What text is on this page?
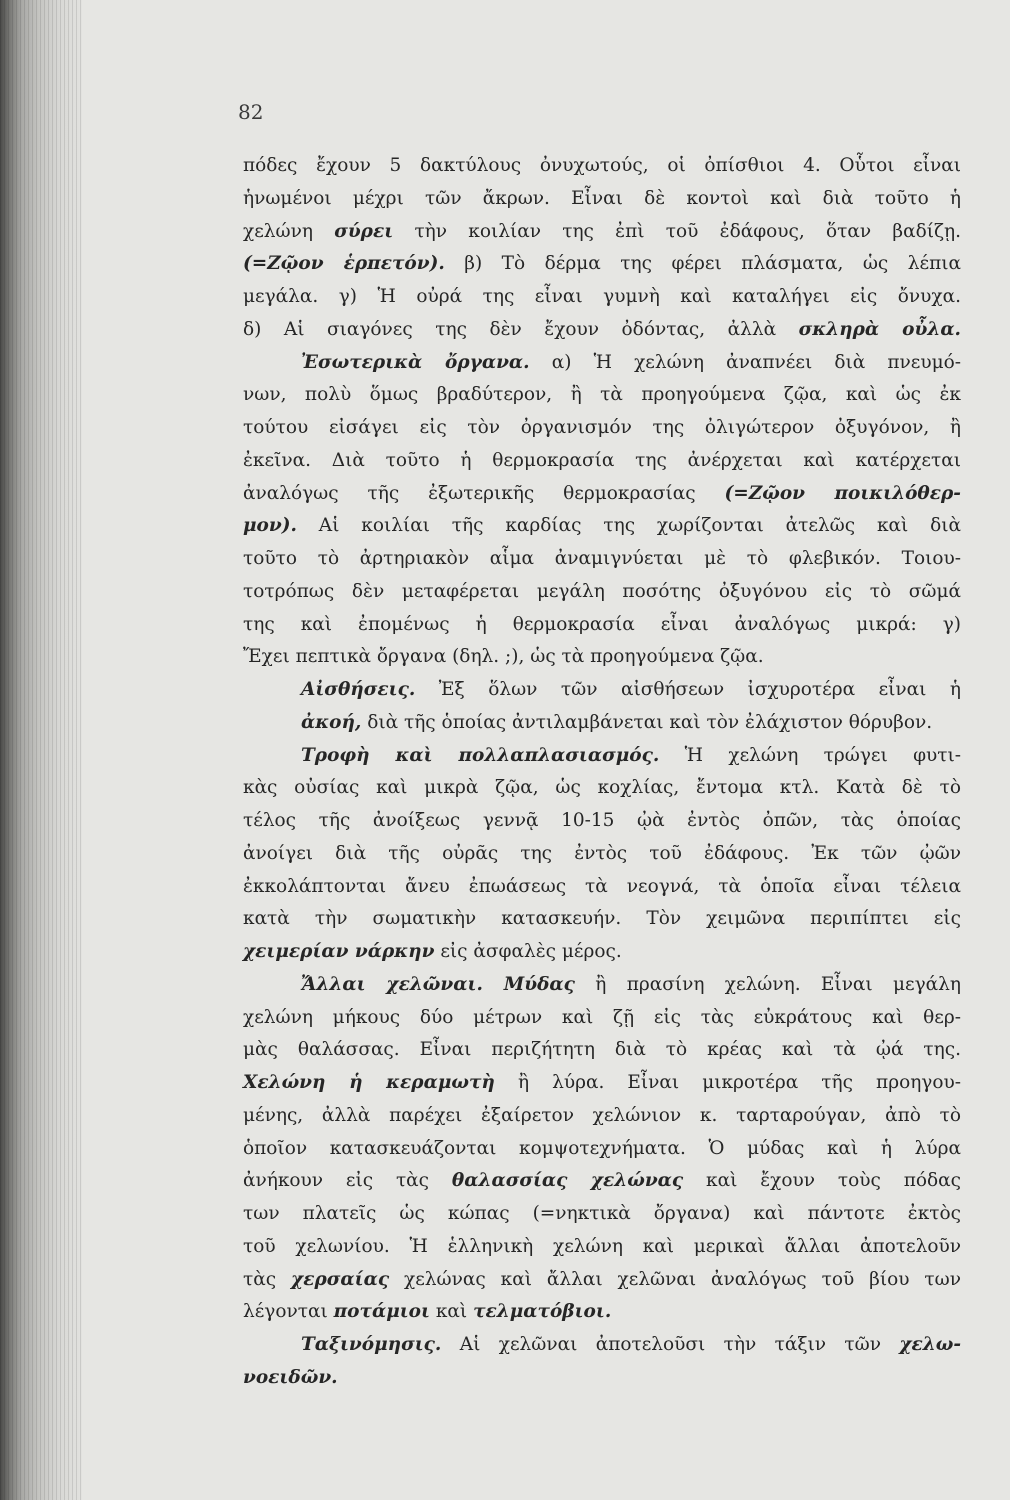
82
πόδες ἔχουν 5 δακτύλους ὀνυχωτούς, οἱ ὀπίσθιοι 4. Οὗτοι εἶναι
ἡνωμένοι μέχρι τῶν ἄκρων. Εἶναι δὲ κοντοὶ καὶ διὰ τοῦτο ἡ
χελώνη σύρει τὴν κοιλίαν της ἐπὶ τοῦ ἐδάφους, ὅταν βαδίζῃ.
(=Ζῷον ἑρπετόν). β) Τὸ δέρμα της φέρει πλάσματα, ὡς λέπια
μεγάλα. γ) Ἡ οὐρά της εἶναι γυμνὴ καὶ καταλήγει εἰς ὄνυχα.
δ) Αἱ σιαγόνες της δὲν ἔχουν ὀδόντας, ἀλλὰ σκληρὰ οὖλα.
Ἐσωτερικὰ ὄργανα. α) Ἡ χελώνη ἀναπνέει διὰ πνευμό-
νων, πολὺ ὅμως βραδύτερον, ἢ τὰ προηγούμενα ζῷα, καὶ ὡς ἐκ
τούτου εἰσάγει εἰς τὸν ὀργανισμόν της ὀλιγώτερον ὀξυγόνον, ἢ
ἐκεῖνα. Διὰ τοῦτο ἡ θερμοκρασία της ἀνέρχεται καὶ κατέρχεται
ἀναλόγως τῆς ἐξωτερικῆς θερμοκρασίας (=Ζῷον ποικιλόθερ-
μον). Αἱ κοιλίαι τῆς καρδίας της χωρίζονται ἀτελῶς καὶ διὰ
τοῦτο τὸ ἀρτηριακὸν αἷμα ἀναμιγνύεται μὲ τὸ φλεβικόν. Τοιου-
τοτρόπως δὲν μεταφέρεται μεγάλη ποσότης ὀξυγόνου εἰς τὸ σῶμά
της καὶ ἐπομένως ἡ θερμοκρασία εἶναι ἀναλόγως μικρά: γ)
Ἔχει πεπτικὰ ὄργανα (δηλ. ;), ὡς τὰ προηγούμενα ζῷα.
Αἰσθήσεις. Ἐξ ὅλων τῶν αἰσθήσεων ἰσχυροτέρα εἶναι ἡ
ἀκοή, διὰ τῆς ὁποίας ἀντιλαμβάνεται καὶ τὸν ἐλάχιστον θόρυβον.
Τροφὴ καὶ πολλαπλασιασμός. Ἡ χελώνη τρώγει φυτι-
κὰς οὐσίας καὶ μικρὰ ζῷα, ὡς κοχλίας, ἔντομα κτλ. Κατὰ δὲ τὸ
τέλος τῆς ἀνοίξεως γεννᾷ 10-15 ᾠὰ ἐντὸς ὀπῶν, τὰς ὁποίας
ἀνοίγει διὰ τῆς οὐρᾶς της ἐντὸς τοῦ ἐδάφους. Ἐκ τῶν ᾠῶν
ἐκκολάπτονται ἄνευ ἐπωάσεως τὰ νεογνά, τὰ ὁποῖα εἶναι τέλεια
κατὰ τὴν σωματικὴν κατασκευήν. Τὸν χειμῶνα περιπίπτει εἰς
χειμερίαν νάρκην εἰς ἀσφαλὲς μέρος.
Ἄλλαι χελῶναι. Μύδας ἢ πρασίνη χελώνη. Εἶναι μεγάλη
χελώνη μήκους δύο μέτρων καὶ ζῇ εἰς τὰς εὐκράτους καὶ θερ-
μὰς θαλάσσας. Εἶναι περιζήτητη διὰ τὸ κρέας καὶ τὰ ᾠά της.
Χελώνη ἡ κεραμωτὴ ἢ λύρα. Εἶναι μικροτέρα τῆς προηγου-
μένης, ἀλλὰ παρέχει ἐξαίρετον χελώνιον κ. ταρταρούγαν, ἀπὸ τὸ
ὁποῖον κατασκευάζονται κομψοτεχνήματα. Ὁ μύδας καὶ ἡ λύρα
ἀνήκουν εἰς τὰς θαλασσίας χελώνας καὶ ἔχουν τοὺς πόδας
των πλατεῖς ὡς κώπας (=νηκτικὰ ὄργανα) καὶ πάντοτε ἐκτὸς
τοῦ χελωνίου. Ἡ ἑλληνικὴ χελώνη καὶ μερικαὶ ἄλλαι ἀποτελοῦν
τὰς χερσαίας χελώνας καὶ ἄλλαι χελῶναι ἀναλόγως τοῦ βίου των
λέγονται ποτάμιοι καὶ τελματόβιοι.
Ταξινόμησις. Αἱ χελῶναι ἀποτελοῦσι τὴν τάξιν τῶν χελω-
νοειδῶν.
